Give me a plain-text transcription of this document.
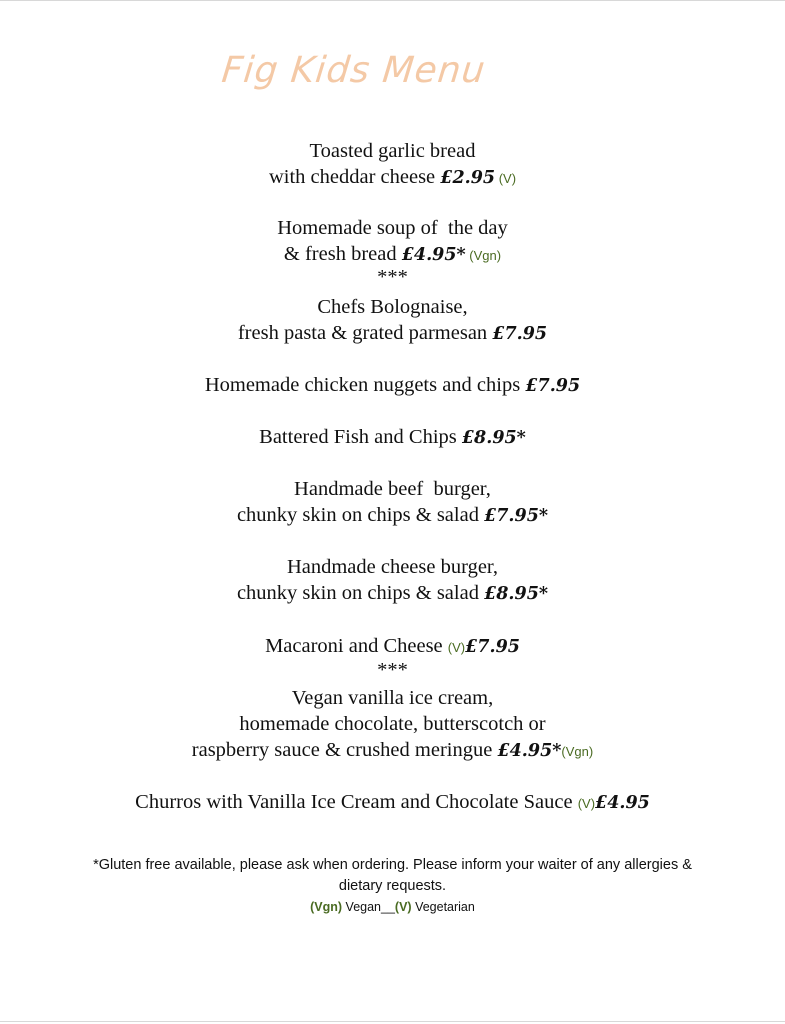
Fig Kids Menu
Toasted garlic bread
with cheddar cheese £2.95 (V)
Homemade soup of  the day
& fresh bread £4.95* (Vgn)
***
Chefs Bolognaise,
fresh pasta & grated parmesan £7.95
Homemade chicken nuggets and chips £7.95
Battered Fish and Chips £8.95*
Handmade beef  burger,
chunky skin on chips & salad £7.95*
Handmade cheese burger,
chunky skin on chips & salad £8.95*
Macaroni and Cheese (V)£7.95
***
Vegan vanilla ice cream,
homemade chocolate, butterscotch or
raspberry sauce & crushed meringue £4.95*(Vgn)
Churros with Vanilla Ice Cream and Chocolate Sauce (V)£4.95
*Gluten free available, please ask when ordering. Please inform your waiter of any allergies &
dietary requests.
(Vgn) Vegan__(V) Vegetarian
